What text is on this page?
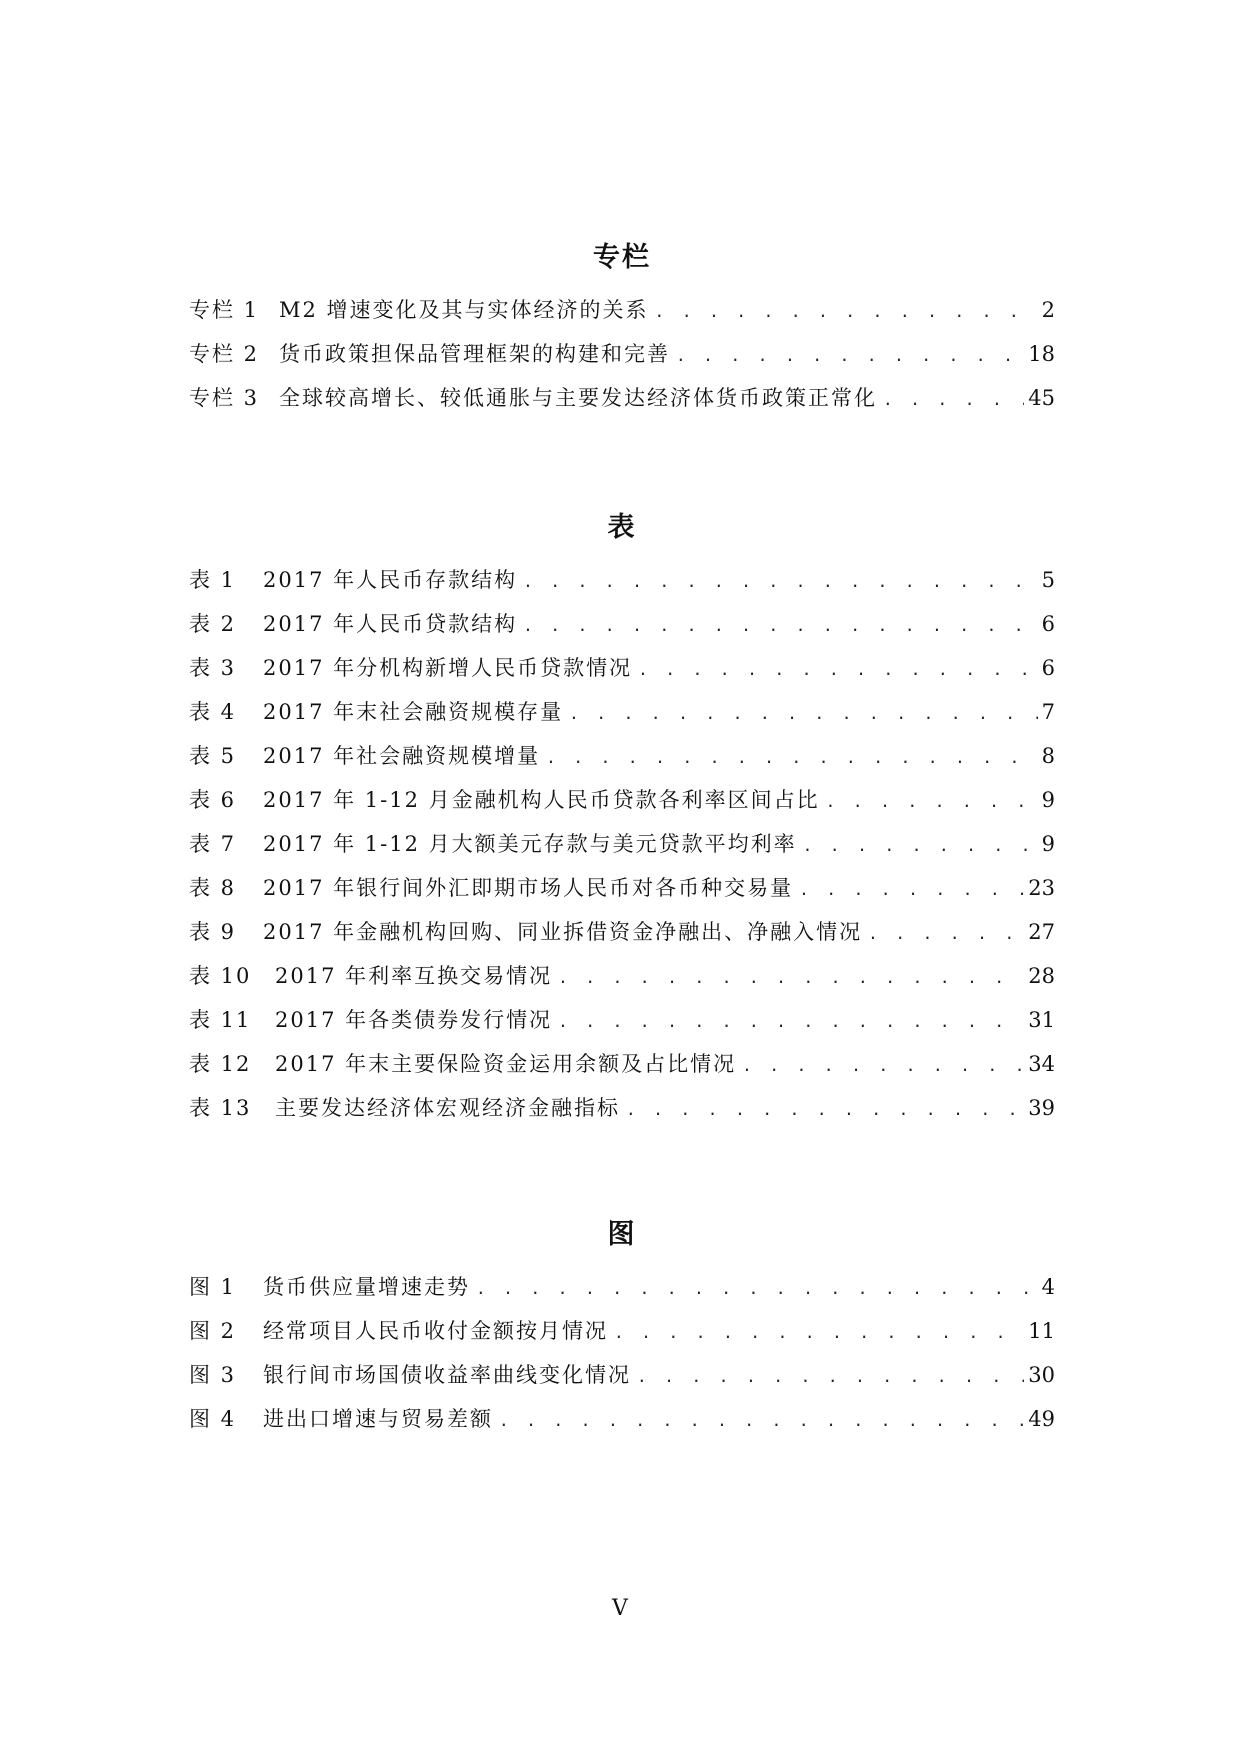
专栏
专栏 1 M2 增速变化及其与实体经济的关系 . . .	2
专栏 2 货币政策担保品管理框架的构建和完善 . . .	18
专栏 3 全球较高增长、较低通胀与主要发达经济体货币政策正常化 . . .	45
表
表 1	2017 年人民币存款结构 . . .	5
表 2	2017 年人民币贷款结构 . . .	6
表 3	2017 年分机构新增人民币贷款情况 . . .	6
表 4	2017 年末社会融资规模存量 . . .	7
表 5	2017 年社会融资规模增量 . . .	8
表 6	2017 年 1-12 月金融机构人民币贷款各利率区间占比 . . .	9
表 7	2017 年 1-12 月大额美元存款与美元贷款平均利率 . . .	9
表 8	2017 年银行间外汇即期市场人民币对各币种交易量 . . .	23
表 9	2017 年金融机构回购、同业拆借资金净融出、净融入情况 . . .	27
表 10	2017 年利率互换交易情况 . . .	28
表 11	2017 年各类债券发行情况 . . .	31
表 12	2017 年末主要保险资金运用余额及占比情况 . . .	34
表 13	主要发达经济体宏观经济金融指标 . . .	39
图
图 1	货币供应量增速走势 . . .	4
图 2	经常项目人民币收付金额按月情况 . . .	11
图 3	银行间市场国债收益率曲线变化情况 . . .	30
图 4	进出口增速与贸易差额 . . .	49
V
